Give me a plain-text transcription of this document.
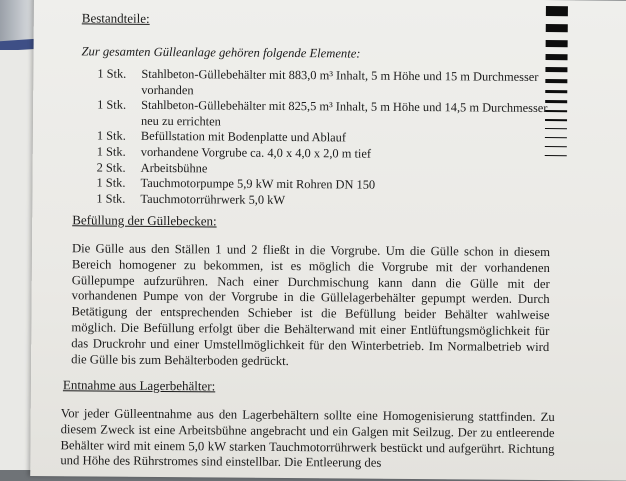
Bestandteile:
Zur gesamten Gülleanlage gehören folgende Elemente:
1 Stk.	Stahlbeton-Güllebehälter mit 883,0 m³ Inhalt, 5 m Höhe und 15 m Durchmesser vorhanden
1 Stk.	Stahlbeton-Güllebehälter mit 825,5 m³ Inhalt, 5 m Höhe und 14,5 m Durchmesser neu zu errichten
1 Stk.	Befüllstation mit Bodenplatte und Ablauf
1 Stk.	vorhandene Vorgrube ca. 4,0 x 4,0 x 2,0 m tief
2 Stk.	Arbeitsbühne
1 Stk.	Tauchmotorpumpe 5,9 kW mit Rohren DN 150
1 Stk.	Tauchmotorrührwerk 5,0 kW
Befüllung der Güllebecken:

Die Gülle aus den Ställen 1 und 2 fließt in die Vorgrube. Um die Gülle schon in diesem Bereich homogener zu bekommen, ist es möglich die Vorgrube mit der vorhandenen Güllepumpe aufzurühren. Nach einer Durchmischung kann dann die Gülle mit der vorhandenen Pumpe von der Vorgrube in die Güllelagerbehälter gepumpt werden. Durch Betätigung der entsprechenden Schieber ist die Befüllung beider Behälter wahlweise möglich. Die Befüllung erfolgt über die Behälterwand mit einer Entlüftungsmöglichkeit für das Druckrohr und einer Umstellmöglichkeit für den Winterbetrieb. Im Normalbetrieb wird die Gülle bis zum Behälterboden gedrückt.

Entnahme aus Lagerbehälter:

Vor jeder Gülleentnahme aus den Lagerbehältern sollte eine Homogenisierung stattfinden. Zu diesem Zweck ist eine Arbeitsbühne angebracht und ein Galgen mit Seilzug. Der zu entleerende Behälter wird mit einem 5,0 kW starken Tauchmotorrührwerk bestückt und aufgerührt. Richtung und Höhe des Rührstromes sind einstellbar. Die Entleerung des
